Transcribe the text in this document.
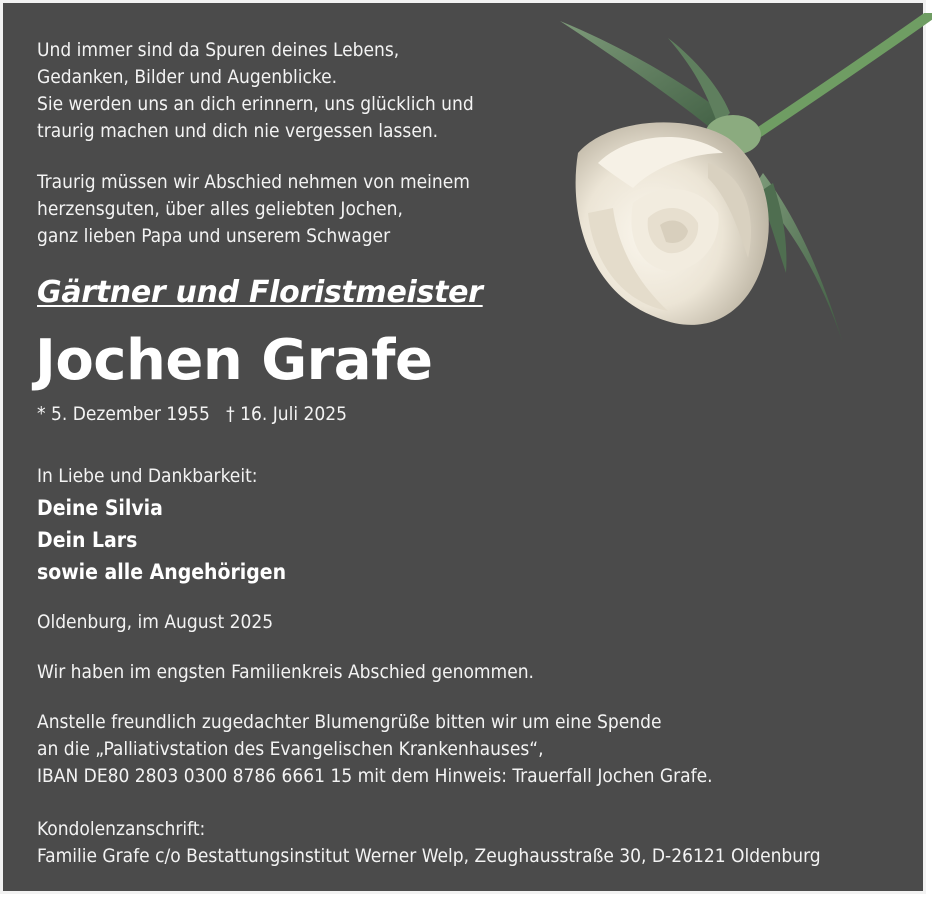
Und immer sind da Spuren deines Lebens,
Gedanken, Bilder und Augenblicke.
Sie werden uns an dich erinnern, uns glücklich und
traurig machen und dich nie vergessen lassen.
Traurig müssen wir Abschied nehmen von meinem
herzensguten, über alles geliebten Jochen,
ganz lieben Papa und unserem Schwager
Gärtner und Floristmeister
Jochen Grafe
* 5. Dezember 1955   † 16. Juli 2025
In Liebe und Dankbarkeit:
Deine Silvia
Dein Lars
sowie alle Angehörigen
Oldenburg, im August 2025
Wir haben im engsten Familienkreis Abschied genommen.
Anstelle freundlich zugedachter Blumengrüße bitten wir um eine Spende
an die „Palliativstation des Evangelischen Krankenhauses“,
IBAN DE80 2803 0300 8786 6661 15 mit dem Hinweis: Trauerfall Jochen Grafe.
Kondolenzanschrift:
Familie Grafe c/o Bestattungsinstitut Werner Welp, Zeughausstraße 30, D-26121 Oldenburg
